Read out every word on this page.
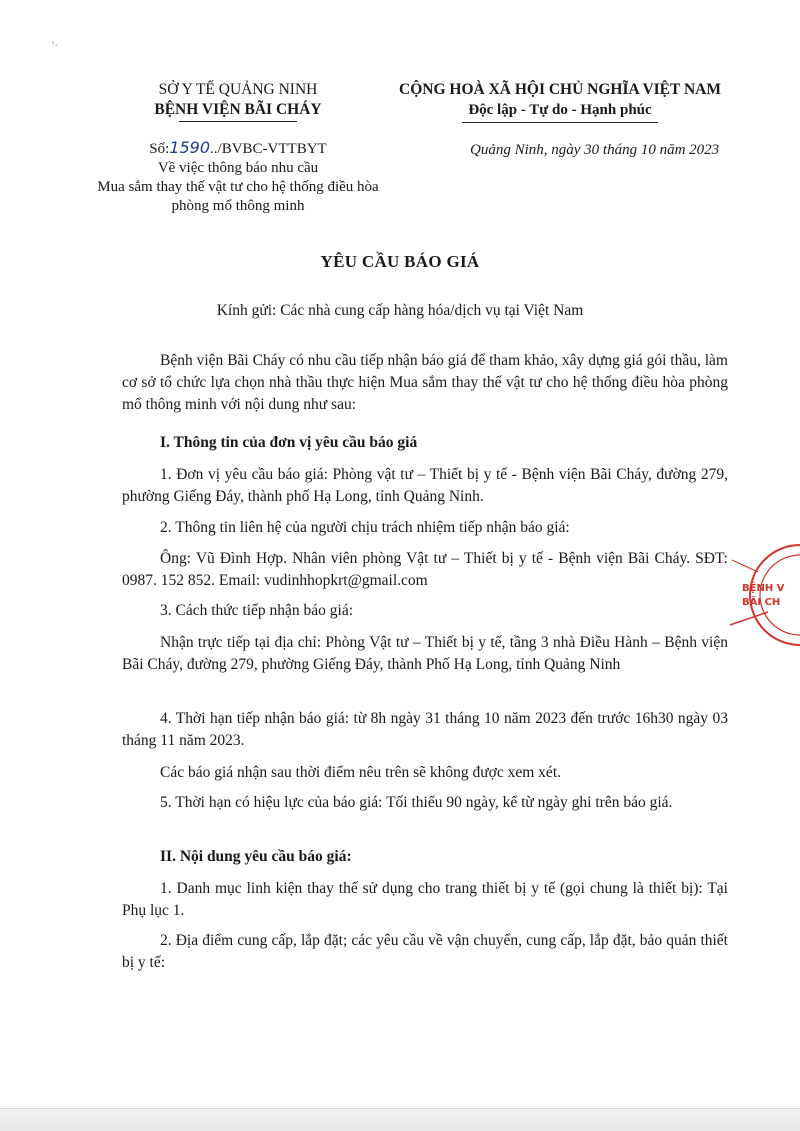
'·
SỞ Y TẾ QUẢNG NINH
BỆNH VIỆN BÃI CHÁY
CỘNG HOÀ XÃ HỘI CHỦ NGHĨA VIỆT NAM
Độc lập - Tự do - Hạnh phúc
Số:1590../BVBC-VTTBYT
Về việc thông báo nhu cầu
Mua sắm thay thế vật tư cho hệ thống điều hòa
phòng mổ thông minh
Quảng Ninh, ngày 30 tháng 10 năm 2023
YÊU CẦU BÁO GIÁ
Kính gửi: Các nhà cung cấp hàng hóa/dịch vụ tại Việt Nam
Bệnh viện Bãi Cháy có nhu cầu tiếp nhận báo giá để tham khảo, xây dựng giá gói thầu, làm cơ sở tổ chức lựa chọn nhà thầu thực hiện Mua sắm thay thế vật tư cho hệ thống điều hòa phòng mổ thông minh với nội dung như sau:
I. Thông tin của đơn vị yêu cầu báo giá
1. Đơn vị yêu cầu báo giá: Phòng vật tư – Thiết bị y tế - Bệnh viện Bãi Cháy, đường 279, phường Giếng Đáy, thành phố Hạ Long, tỉnh Quảng Ninh.
2. Thông tin liên hệ của người chịu trách nhiệm tiếp nhận báo giá:
Ông: Vũ Đình Hợp. Nhân viên phòng Vật tư – Thiết bị y tế - Bệnh viện Bãi Cháy. SĐT: 0987. 152 852. Email: vudinhhopkrt@gmail.com
3. Cách thức tiếp nhận báo giá:
Nhận trực tiếp tại địa chỉ: Phòng Vật tư – Thiết bị y tế, tầng 3 nhà Điều Hành – Bệnh viện Bãi Cháy, đường 279, phường Giếng Đáy, thành Phố Hạ Long, tỉnh Quảng Ninh
4. Thời hạn tiếp nhận báo giá: từ 8h ngày 31 tháng 10 năm 2023 đến trước 16h30 ngày 03 tháng 11 năm 2023.
Các báo giá nhận sau thời điểm nêu trên sẽ không được xem xét.
5. Thời hạn có hiệu lực của báo giá: Tối thiểu 90 ngày, kể từ ngày ghi trên báo giá.
II. Nội dung yêu cầu báo giá:
1. Danh mục linh kiện thay thế sử dụng cho trang thiết bị y tế (gọi chung là thiết bị): Tại Phụ lục 1.
2. Địa điểm cung cấp, lắp đặt; các yêu cầu về vận chuyển, cung cấp, lắp đặt, bảo quản thiết bị y tế:
BỆNH V
BÃI CH
